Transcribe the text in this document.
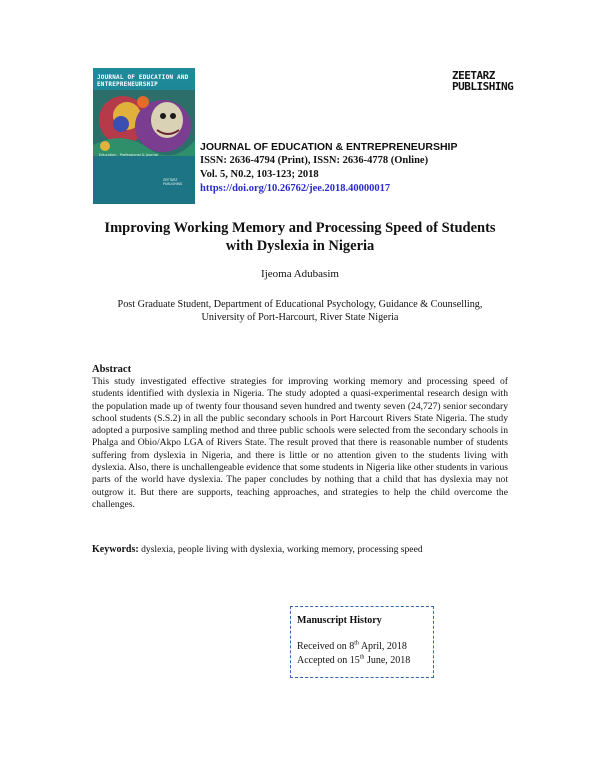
JOURNAL OF EDUCATION AND ENTREPRENEURSHIP
Education . Professional & Journal
ZEETARZ PUBLISHING
ZEETARZ
PUBLISHING
JOURNAL OF EDUCATION & ENTREPRENEURSHIP
ISSN: 2636-4794 (Print), ISSN: 2636-4778 (Online)
Vol. 5, N0.2, 103-123; 2018
https://doi.org/10.26762/jee.2018.40000017
Improving Working Memory and Processing Speed of Students with Dyslexia in Nigeria
Ijeoma Adubasim
Post Graduate Student, Department of Educational Psychology, Guidance & Counselling,
University of Port-Harcourt, River State Nigeria
Abstract
This study investigated effective strategies for improving working memory and processing speed of students identified with dyslexia in Nigeria. The study adopted a quasi-experimental research design with the population made up of twenty four thousand seven hundred and twenty seven (24,727) senior secondary school students (S.S.2) in all the public secondary schools in Port Harcourt Rivers State Nigeria. The study adopted a purposive sampling method and three public schools were selected from the secondary schools in Phalga and Obio/Akpo LGA of Rivers State. The result proved that there is reasonable number of students suffering from dyslexia in Nigeria, and there is little or no attention given to the students living with dyslexia. Also, there is unchallengeable evidence that some students in Nigeria like other students in various parts of the world have dyslexia. The paper concludes by nothing that a child that has dyslexia may not outgrow it. But there are supports, teaching approaches, and strategies to help the child overcome the challenges.
Keywords: dyslexia, people living with dyslexia, working memory, processing speed
Manuscript History
Received on 8th April, 2018
Accepted on 15th June, 2018
